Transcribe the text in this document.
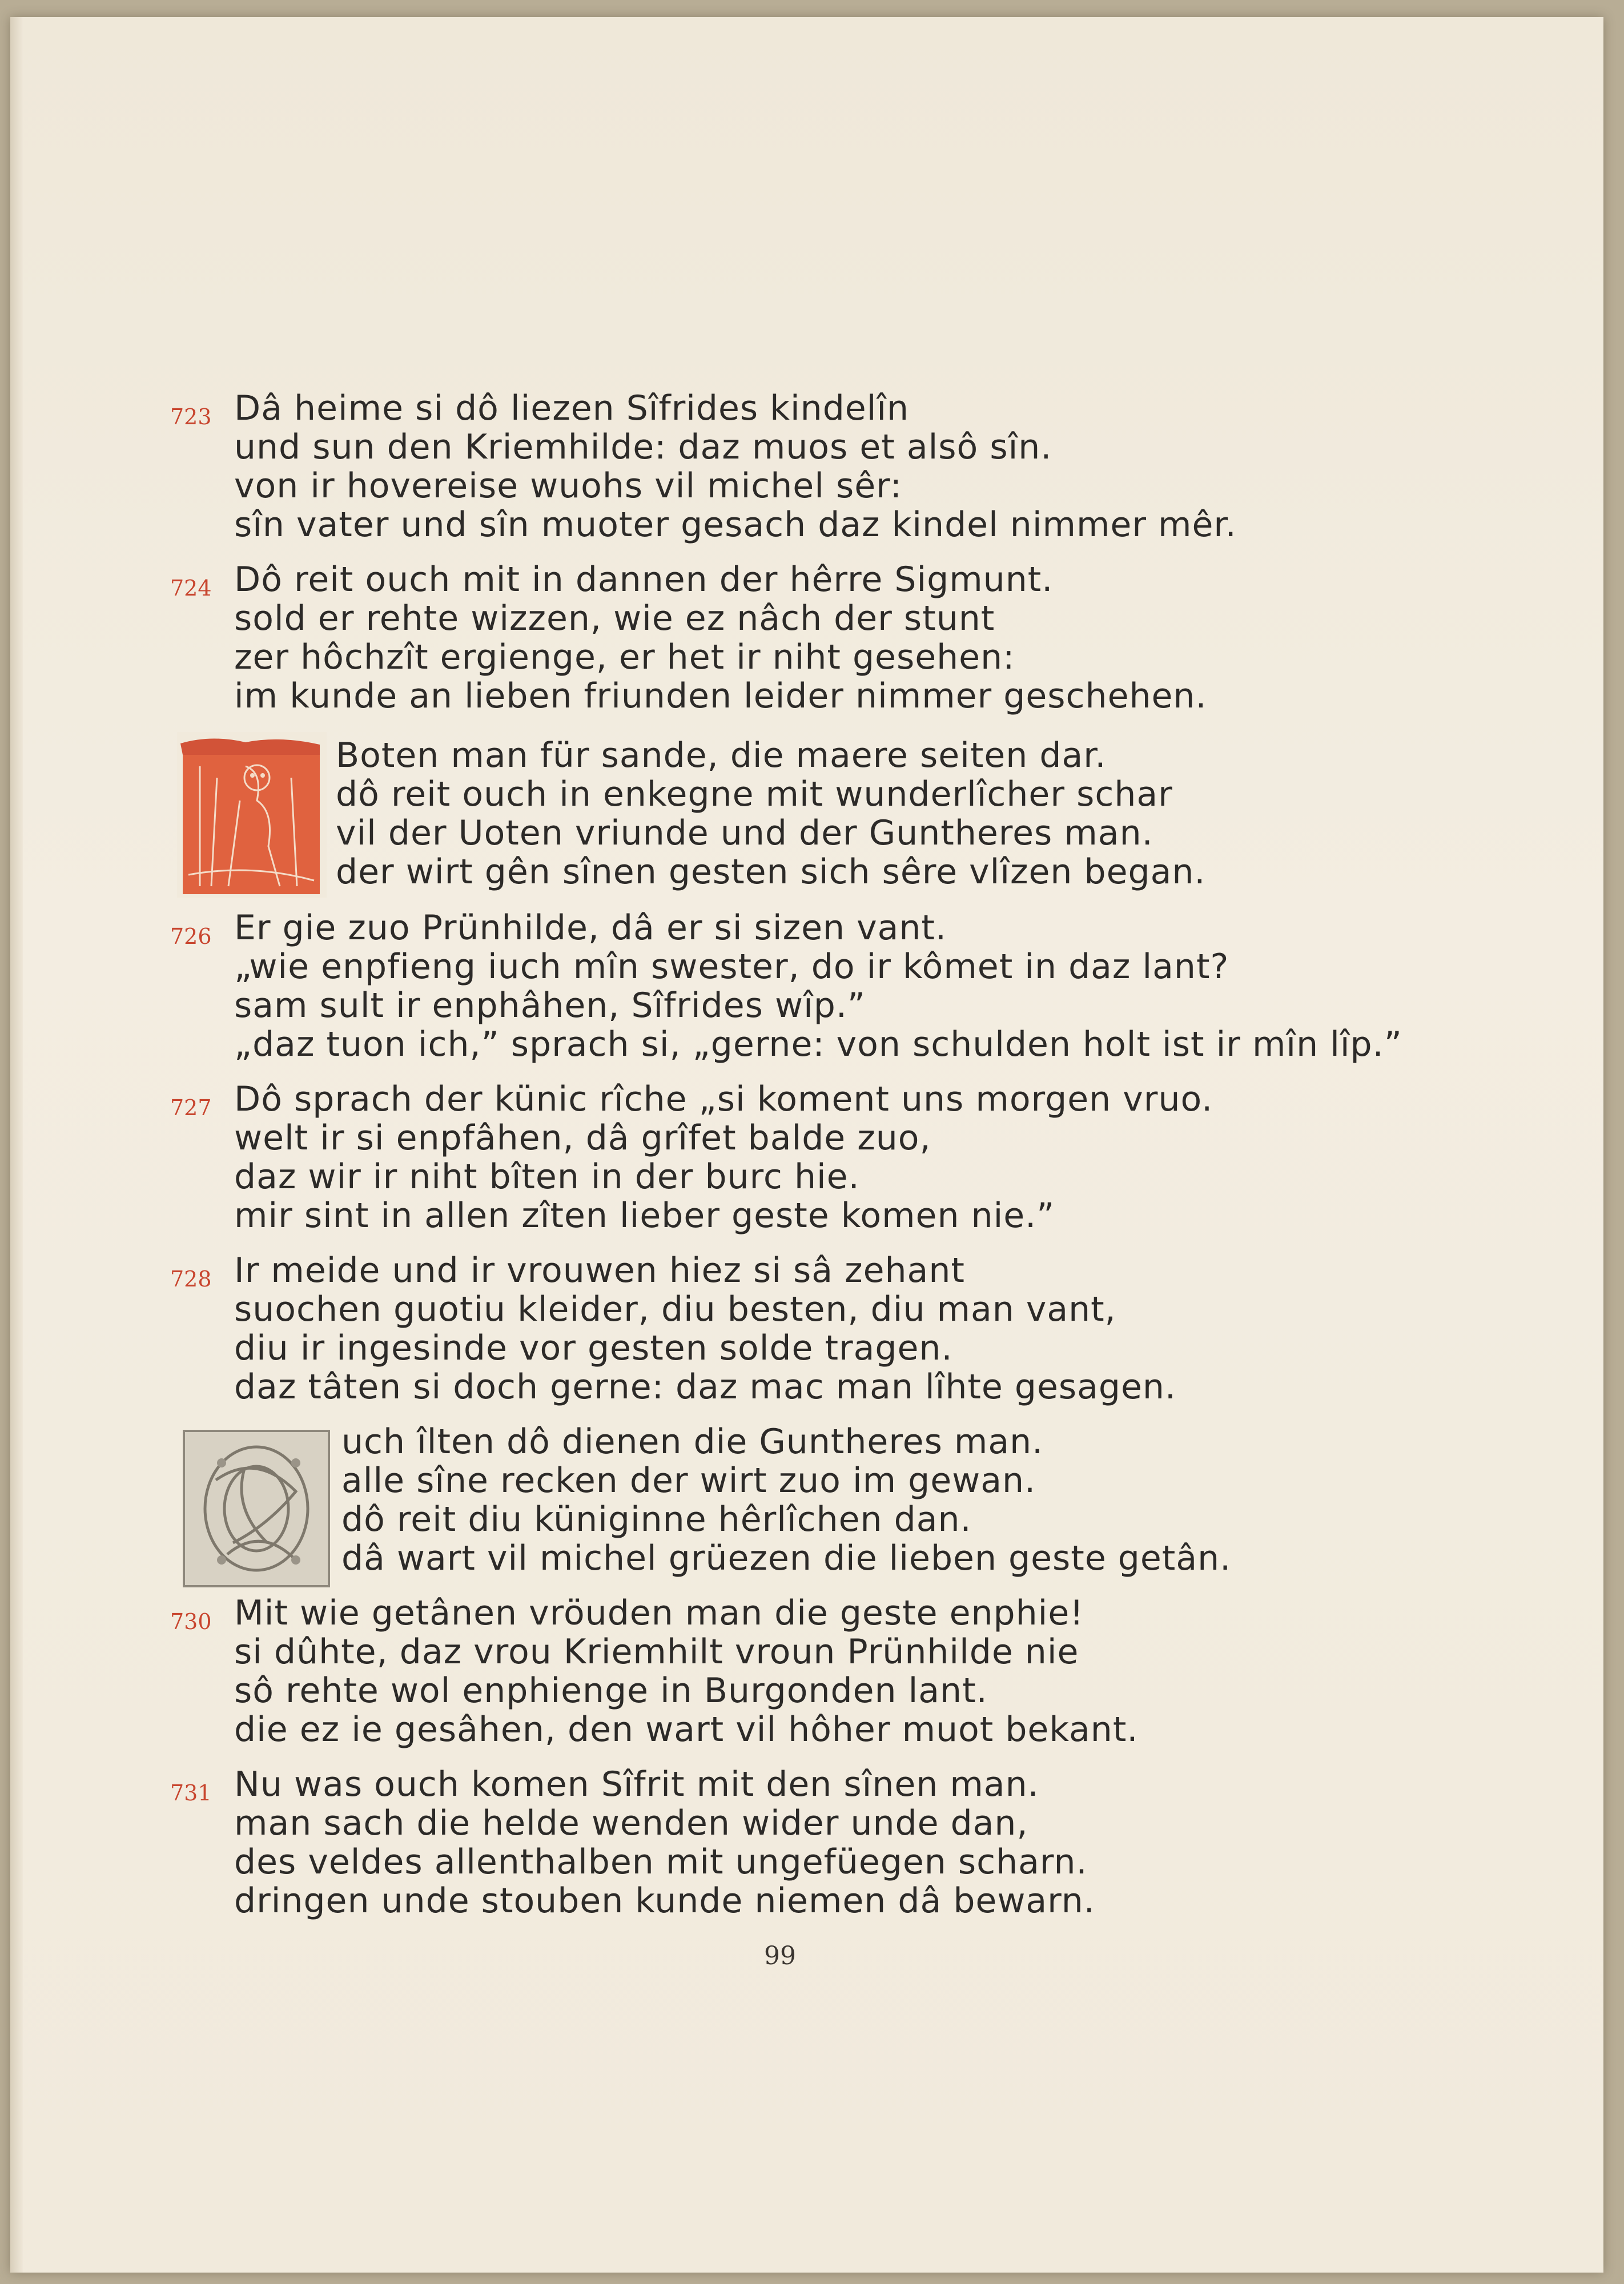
723 Dâ heime si dô liezen Sîfrides kindelîn
und sun den Kriemhilde: daz muos et alsô sîn.
von ir hovereise wuohs vil michel sêr:
sîn vater und sîn muoter gesach daz kindel nimmer mêr.
724 Dô reit ouch mit in dannen der hêrre Sigmunt.
sold er rehte wizzen, wie ez nâch der stunt
zer hôchzît ergienge, er het ir niht gesehen:
im kunde an lieben friunden leider nimmer geschehen.
Boten man für sande, die maere seiten dar.
dô reit ouch in enkegne mit wunderlîcher schar
vil der Uoten vriunde und der Guntheres man.
der wirt gên sînen gesten sich sêre vlîzen began.
726 Er gie zuo Prünhilde, dâ er si sizen vant.
„wie enpfieng iuch mîn swester, do ir kômet in daz lant?
sam sult ir enphâhen, Sîfrides wîp.”
„daz tuon ich,” sprach si, „gerne: von schulden holt ist ir mîn lîp.”
727 Dô sprach der künic rîche „si koment uns morgen vruo.
welt ir si enpfâhen, dâ grîfet balde zuo,
daz wir ir niht bîten in der burc hie.
mir sint in allen zîten lieber geste komen nie.”
728 Ir meide und ir vrouwen hiez si sâ zehant
suochen guotiu kleider, diu besten, diu man vant,
diu ir ingesinde vor gesten solde tragen.
daz tâten si doch gerne: daz mac man lîhte gesagen.
uch îlten dô dienen die Guntheres man.
alle sîne recken der wirt zuo im gewan.
dô reit diu küniginne hêrlîchen dan.
dâ wart vil michel grüezen die lieben geste getân.
730 Mit wie getânen vröuden man die geste enphie!
si dûhte, daz vrou Kriemhilt vroun Prünhilde nie
sô rehte wol enphienge in Burgonden lant.
die ez ie gesâhen, den wart vil hôher muot bekant.
731 Nu was ouch komen Sîfrit mit den sînen man.
man sach die helde wenden wider unde dan,
des veldes allenthalben mit ungefüegen scharn.
dringen unde stouben kunde niemen dâ bewarn.
99
